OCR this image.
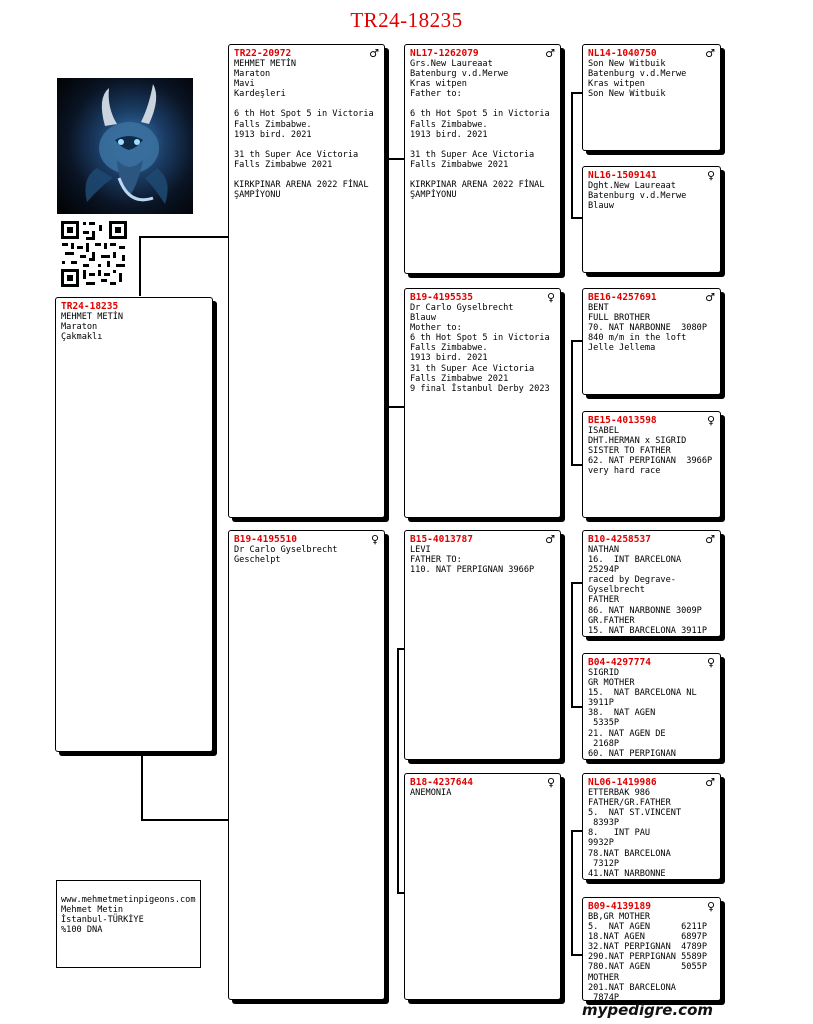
TR24-18235
TR24-18235
MEHMET METİN
Maraton
Çakmaklı
TR22-20972	♂
MEHMET METİN
Maraton
Mavi
Kardeşleri

6 th Hot Spot 5 in Victoria
Falls Zimbabwe.
1913 bird. 2021

31 th Super Ace Victoria
Falls Zimbabwe 2021

KIRKPINAR ARENA 2022 FİNAL
ŞAMPİYONU
B19-4195510	♀
Dr Carlo Gyselbrecht
Geschelpt
NL17-1262079	♂
Grs.New Laureaat
Batenburg v.d.Merwe
Kras witpen
Father to:

6 th Hot Spot 5 in Victoria
Falls Zimbabwe.
1913 bird. 2021

31 th Super Ace Victoria
Falls Zimbabwe 2021

KIRKPINAR ARENA 2022 FİNAL
ŞAMPİYONU
B19-4195535	♀
Dr Carlo Gyselbrecht
Blauw
Mother to:
6 th Hot Spot 5 in Victoria
Falls Zimbabwe.
1913 bird. 2021
31 th Super Ace Victoria
Falls Zimbabwe 2021
9 final İstanbul Derby 2023
B15-4013787	♂
LEVI
FATHER TO:
110. NAT PERPIGNAN 3966P
B18-4237644	♀
ANEMONIA
NL14-1040750	♂
Son New Witbuik
Batenburg v.d.Merwe
Kras witpen
Son New Witbuik
NL16-1509141	♀
Dght.New Laureaat
Batenburg v.d.Merwe
Blauw
BE16-4257691	♂
BENT
FULL BROTHER
70. NAT NARBONNE  3080P
840 m/m in the loft
Jelle Jellema
BE15-4013598	♀
ISABEL
DHT.HERMAN x SIGRID
SISTER TO FATHER
62. NAT PERPIGNAN  3966P
very hard race
B10-4258537	♂
NATHAN
16.  INT BARCELONA
25294P
raced by Degrave-
Gyselbrecht
FATHER
86. NAT NARBONNE 3009P
GR.FATHER
15. NAT BARCELONA 3911P
B04-4297774	♀
SIGRID
GR MOTHER
15.  NAT BARCELONA NL
3911P
38.  NAT AGEN
5335P
21. NAT AGEN DE
2168P
60. NAT PERPIGNAN
NL06-1419986	♂
ETTERBAK 986
FATHER/GR.FATHER
5.  NAT ST.VINCENT
8393P
8.   INT PAU
9932P
78.NAT BARCELONA
7312P
41.NAT NARBONNE
B09-4139189	♀
BB,GR MOTHER
5.  NAT AGEN      6211P
18.NAT AGEN       6897P
32.NAT PERPIGNAN  4789P
290.NAT PERPIGNAN 5589P
780.NAT AGEN      5055P
MOTHER
201.NAT BARCELONA
7874P
www.mehmetmetinpigeons.com
Mehmet Metin
İstanbul-TÜRKİYE
%100 DNA
mypedigre.com
